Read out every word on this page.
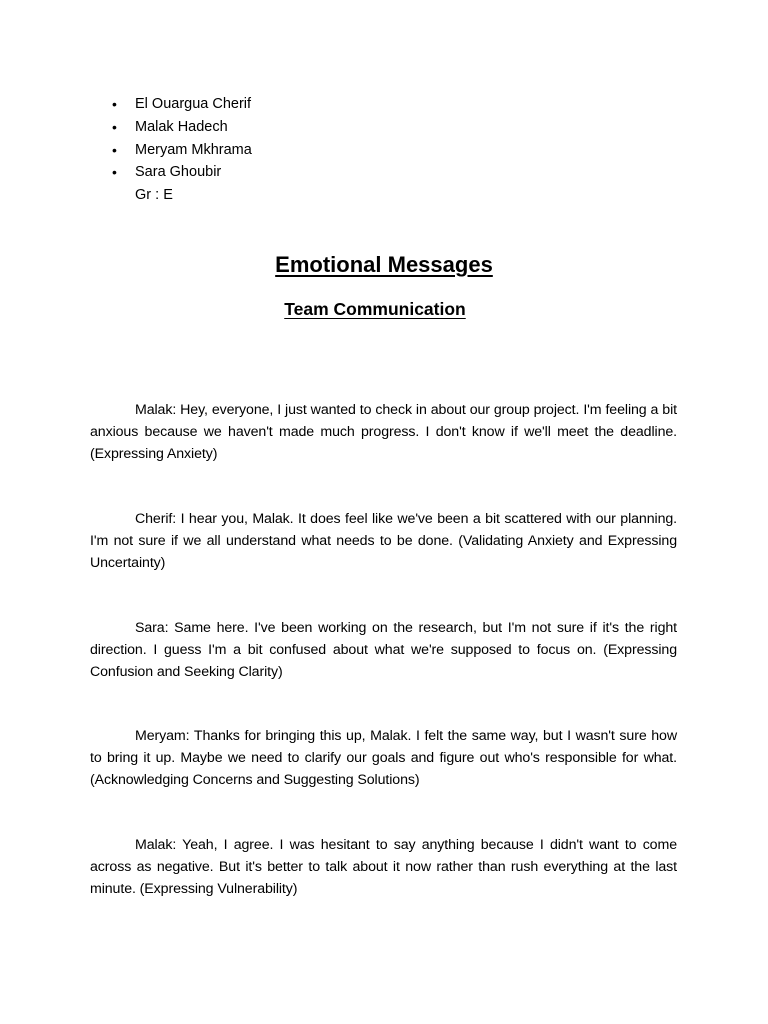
• El Ouargua Cherif
• Malak Hadech
• Meryam Mkhrama
• Sara Ghoubir
Gr : E
Emotional Messages
Team Communication

Malak: Hey, everyone, I just wanted to check in about our group project. I'm feeling a bit anxious because we haven't made much progress. I don't know if we'll meet the deadline. (Expressing Anxiety)

Cherif: I hear you, Malak. It does feel like we've been a bit scattered with our planning. I'm not sure if we all understand what needs to be done. (Validating Anxiety and Expressing Uncertainty)

Sara: Same here. I've been working on the research, but I'm not sure if it's the right direction. I guess I'm a bit confused about what we're supposed to focus on. (Expressing Confusion and Seeking Clarity)

Meryam: Thanks for bringing this up, Malak. I felt the same way, but I wasn't sure how to bring it up. Maybe we need to clarify our goals and figure out who's responsible for what. (Acknowledging Concerns and Suggesting Solutions)

Malak: Yeah, I agree. I was hesitant to say anything because I didn't want to come across as negative. But it's better to talk about it now rather than rush everything at the last minute. (Expressing Vulnerability)
